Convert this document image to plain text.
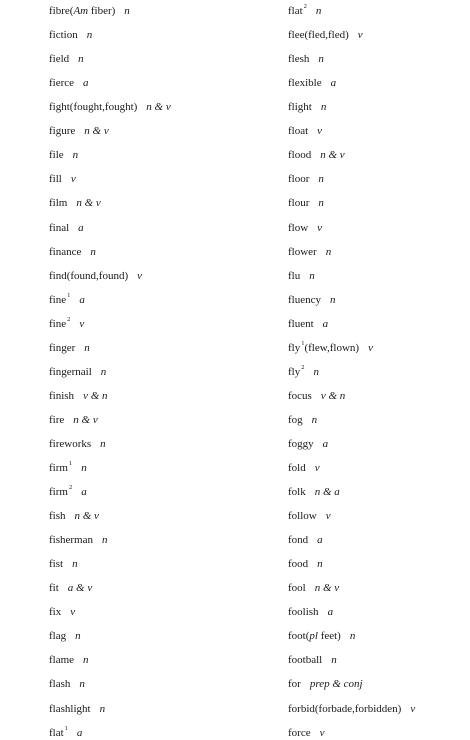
fibre(Am fiber) n
fiction n
field n
fierce a
fight(fought,fought) n & v
figure n & v
file n
fill v
film n & v
final a
finance n
find(found,found) v
fine$^1$ a
fine$^2$ v
finger n
fingernail n
finish v & n
fire n & v
fireworks n
firm$^1$ n
firm$^2$ a
fish n & v
fisherman n
fist n
fit a & v
fix v
flag n
flame n
flash n
flashlight n
flat$^1$ a
flat$^2$ n
flee(fled,fled) v
flesh n
flexible a
flight n
float v
flood n & v
floor n
flour n
flow v
flower n
flu n
fluency n
fluent a
fly$^1$(flew,flown) v
fly$^2$ n
focus v & n
fog n
foggy a
fold v
folk n & a
follow v
fond a
food n
fool n & v
foolish a
foot(pl feet) n
football n
for prep & conj
forbid(forbade,forbidden) v
force v
